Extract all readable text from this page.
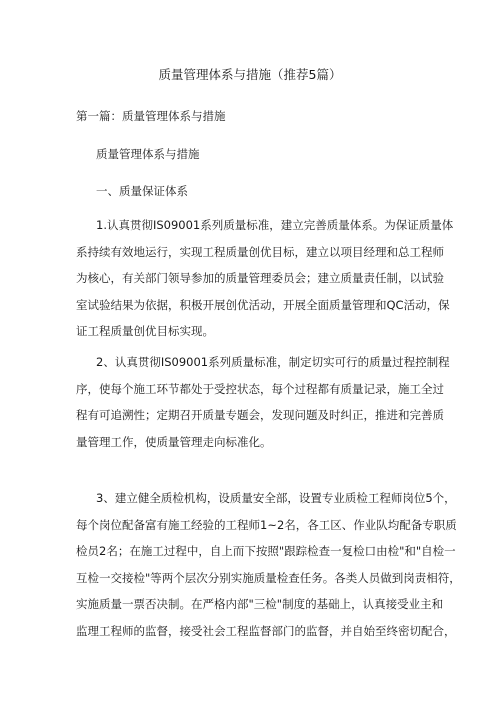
质量管理体系与措施（推荐5篇）
第一篇：质量管理体系与措施
质量管理体系与措施
一、质量保证体系
1.认真贯彻IS09001系列质量标准，建立完善质量体系。为保证质量体
系持续有效地运行，实现工程质量创优目标，建立以项目经理和总工程师
为核心，有关部门领导参加的质量管理委员会；建立质量责任制，以试验
室试验结果为依据，积极开展创优活动，开展全面质量管理和QC活动，保
证工程质量创优目标实现。
2、认真贯彻IS09001系列质量标准，制定切实可行的质量过程控制程
序，使每个施工环节都处于受控状态，每个过程都有质量记录，施工全过
程有可追溯性；定期召开质量专题会，发现问题及时纠正，推进和完善质
量管理工作，使质量管理走向标准化。
3、建立健全质检机构，设质量安全部，设置专业质检工程师岗位5个，
每个岗位配备富有施工经验的工程师1~2名，各工区、作业队均配备专职质
检员2名；在施工过程中，自上而下按照"跟踪检查一复检口由检"和"自检一
互检一交接检"等两个层次分别实施质量检查任务。各类人员做到岗责相符，
实施质量一票否决制。在严格内部"三检"制度的基础上，认真接受业主和
监理工程师的监督，接受社会工程监督部门的监督，并自始至终密切配合，
